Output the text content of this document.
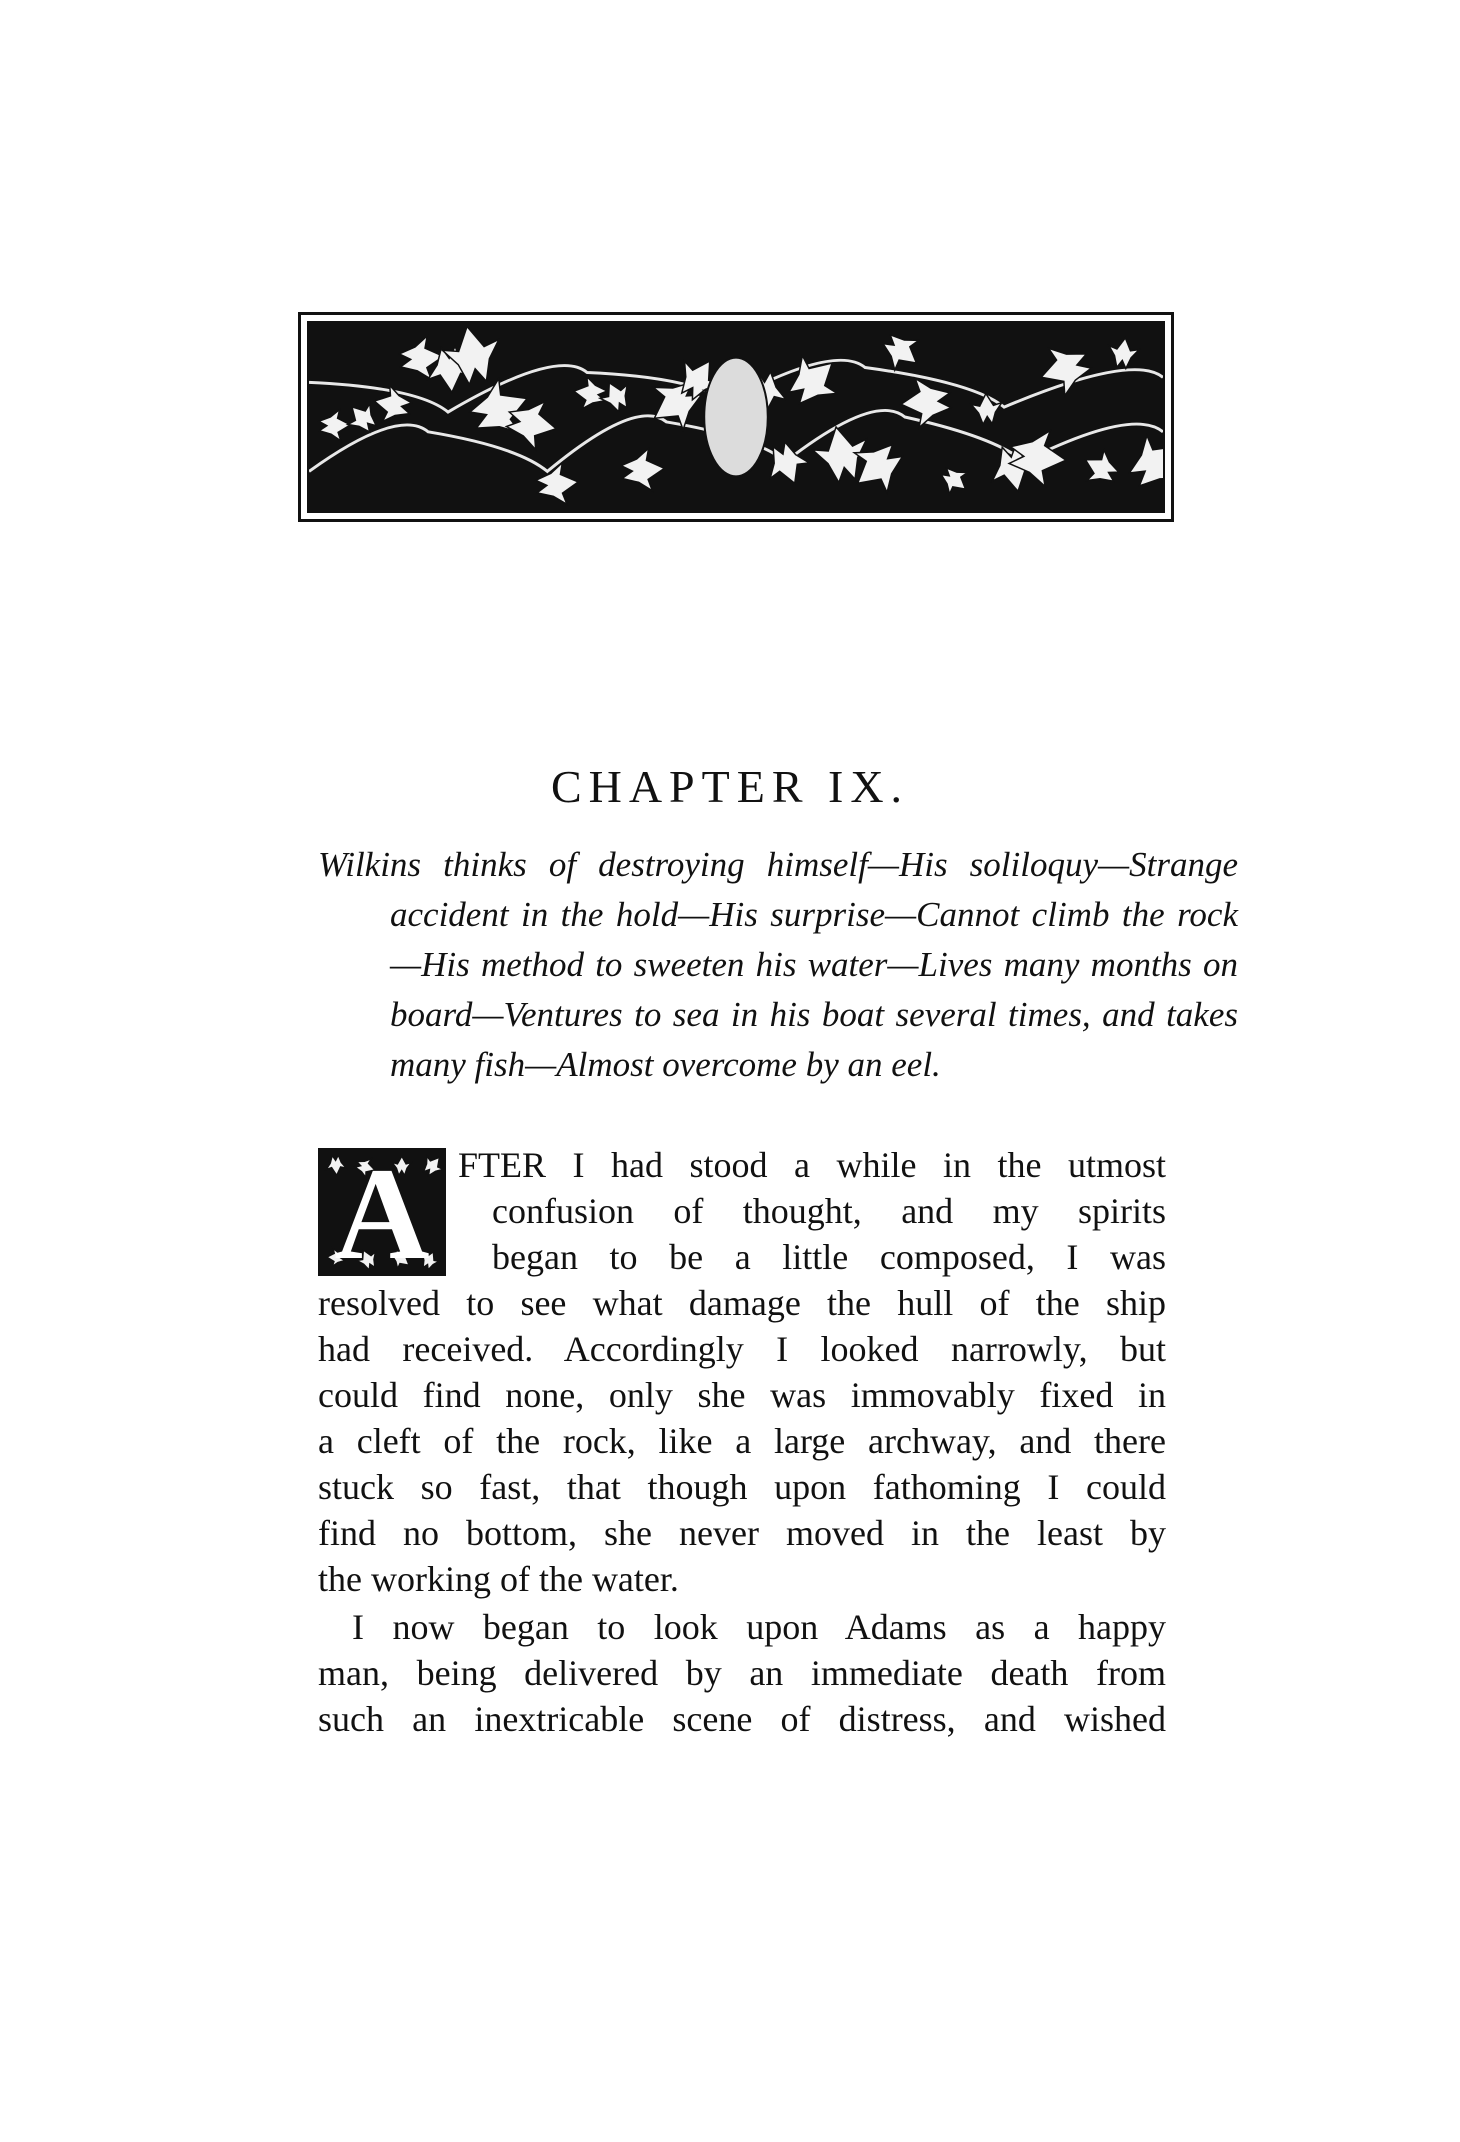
CHAPTER IX.
Wilkins thinks of destroying himself—His soliloquy—Strange accident in the hold—His surprise—Cannot climb the rock—His method to sweeten his water—Lives many months on board—Ventures to sea in his boat several times, and takes many fish—Almost overcome by an eel.
A FTER I had stood a while in the utmost
confusion of thought, and my spirits
began to be a little composed, I was
resolved to see what damage the hull of the ship
had received. Accordingly I looked narrowly, but
could find none, only she was immovably fixed in
a cleft of the rock, like a large archway, and there
stuck so fast, that though upon fathoming I could
find no bottom, she never moved in the least by
the working of the water.
I now began to look upon Adams as a happy
man, being delivered by an immediate death from
such an inextricable scene of distress, and wished
